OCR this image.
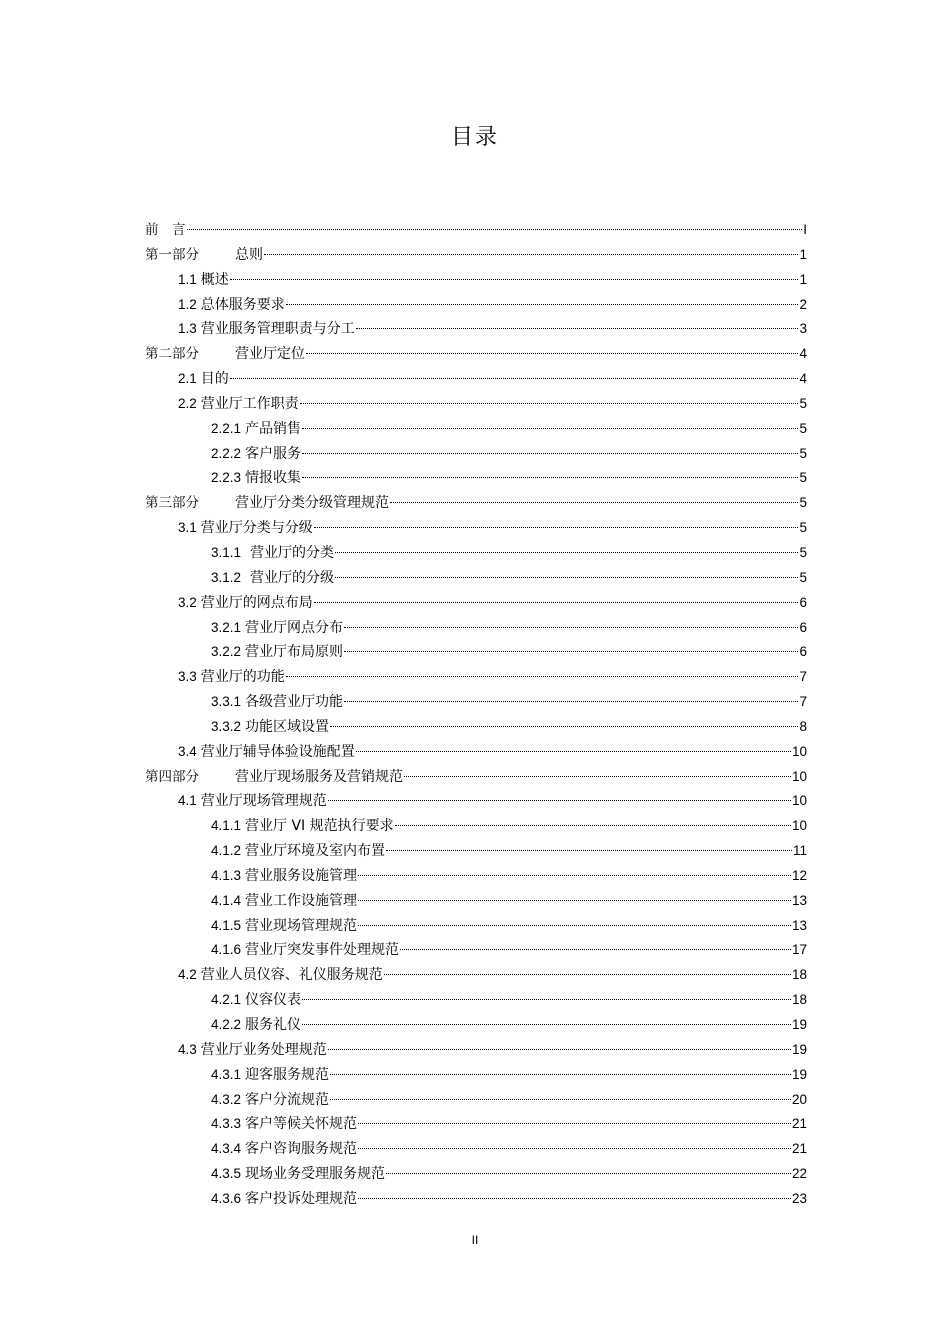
目录
前　言	I
第一部分	总则	1
1.1 概述	1
1.2 总体服务要求	2
1.3 营业服务管理职责与分工	3
第二部分	营业厅定位	4
2.1 目的	4
2.2 营业厅工作职责	5
2.2.1 产品销售	5
2.2.2 客户服务	5
2.2.3 情报收集	5
第三部分	营业厅分类分级管理规范	5
3.1 营业厅分类与分级	5
3.1.1 营业厅的分类	5
3.1.2 营业厅的分级	5
3.2 营业厅的网点布局	6
3.2.1 营业厅网点分布	6
3.2.2 营业厅布局原则	6
3.3 营业厅的功能	7
3.3.1 各级营业厅功能	7
3.3.2 功能区域设置	8
3.4 营业厅辅导体验设施配置	10
第四部分	营业厅现场服务及营销规范	10
4.1 营业厅现场管理规范	10
4.1.1 营业厅 VI 规范执行要求	10
4.1.2 营业厅环境及室内布置	11
4.1.3 营业服务设施管理	12
4.1.4 营业工作设施管理	13
4.1.5 营业现场管理规范	13
4.1.6 营业厅突发事件处理规范	17
4.2 营业人员仪容、礼仪服务规范	18
4.2.1 仪容仪表	18
4.2.2 服务礼仪	19
4.3 营业厅业务处理规范	19
4.3.1 迎客服务规范	19
4.3.2 客户分流规范	20
4.3.3 客户等候关怀规范	21
4.3.4 客户咨询服务规范	21
4.3.5 现场业务受理服务规范	22
4.3.6 客户投诉处理规范	23
II
